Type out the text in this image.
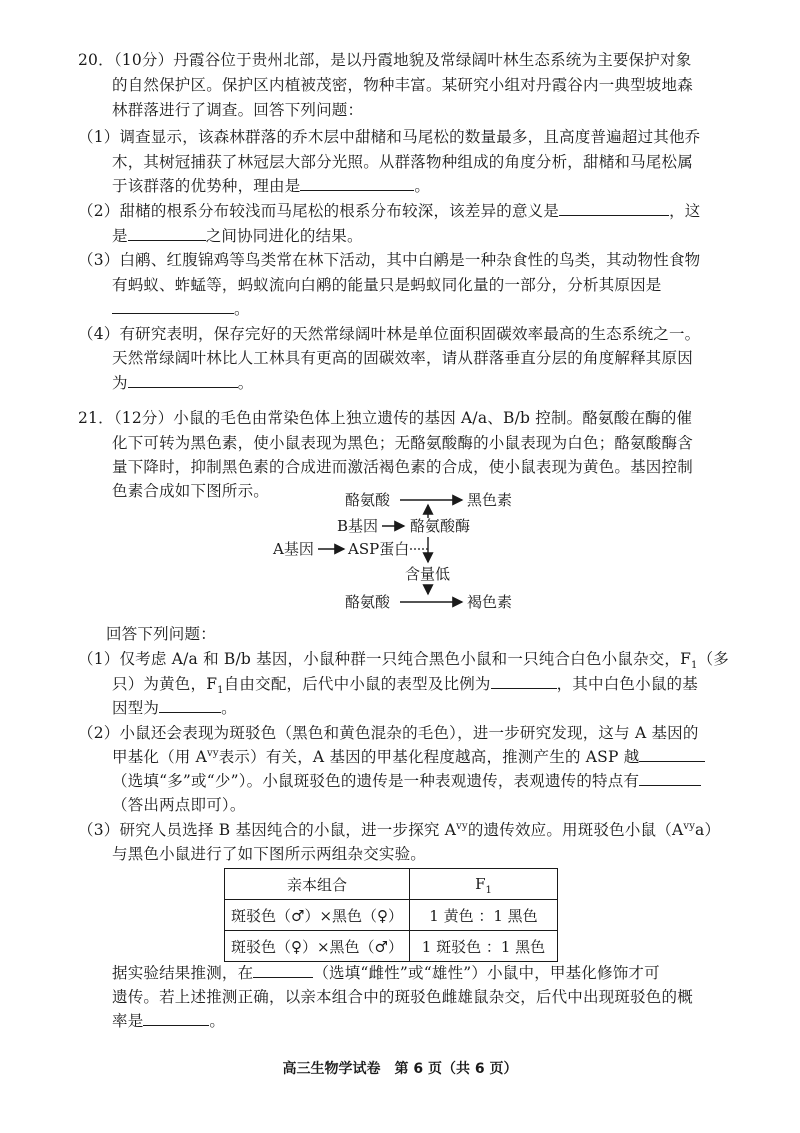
20．（10分）丹霞谷位于贵州北部，是以丹霞地貌及常绿阔叶林生态系统为主要保护对象
的自然保护区。保护区内植被茂密，物种丰富。某研究小组对丹霞谷内一典型坡地森
林群落进行了调查。回答下列问题：
（1）调查显示，该森林群落的乔木层中甜槠和马尾松的数量最多，且高度普遍超过其他乔
木，其树冠捕获了林冠层大部分光照。从群落物种组成的角度分析，甜槠和马尾松属
于该群落的优势种，理由是	。
（2）甜槠的根系分布较浅而马尾松的根系分布较深，该差异的意义是	，这
是	之间协同进化的结果。
（3）白鹇、红腹锦鸡等鸟类常在林下活动，其中白鹇是一种杂食性的鸟类，其动物性食物
有蚂蚁、蚱蜢等，蚂蚁流向白鹇的能量只是蚂蚁同化量的一部分，分析其原因是
。
（4）有研究表明，保存完好的天然常绿阔叶林是单位面积固碳效率最高的生态系统之一。
天然常绿阔叶林比人工林具有更高的固碳效率，请从群落垂直分层的角度解释其原因
为	。
21．（12分）小鼠的毛色由常染色体上独立遗传的基因 A/a、B/b 控制。酪氨酸在酶的催
化下可转为黑色素，使小鼠表现为黑色；无酪氨酸酶的小鼠表现为白色；酪氨酸酶含
量下降时，抑制黑色素的合成进而激活褐色素的合成，使小鼠表现为黄色。基因控制
色素合成如下图所示。	酪氨酸	黑色素
B基因 酪氨酸酶
A基因 ASP蛋白
含量低
酪氨酸	褐色素
回答下列问题：
（1）仅考虑 A/a 和 B/b 基因，小鼠种群一只纯合黑色小鼠和一只纯合白色小鼠杂交，$F_1$（多
只）为黄色，$F_1$自由交配，后代中小鼠的表型及比例为	，其中白色小鼠的基
因型为	。
（2）小鼠还会表现为斑驳色（黑色和黄色混杂的毛色），进一步研究发现，这与 A 基因的
甲基化（用 $A^{vy}$表示）有关，A 基因的甲基化程度越高，推测产生的 ASP 越
（选填“多”或“少”）。小鼠斑驳色的遗传是一种表观遗传，表观遗传的特点有
（答出两点即可）。
（3）研究人员选择 B 基因纯合的小鼠，进一步探究 $A^{vy}$的遗传效应。用斑驳色小鼠$(A^{vy}a)$
与黑色小鼠进行了如下图所示两组杂交实验。
亲本组合	$F_1$
斑驳色（♂）×黑色（♀）	1 黄色 ：1 黑色
斑驳色（♀）×黑色（♂）	1 斑驳色 ：1 黑色
据实验结果推测，在	（选填“雌性”或“雄性”）小鼠中，甲基化修饰才可
遗传。若上述推测正确，以亲本组合中的斑驳色雌雄鼠杂交，后代中出现斑驳色的概
率是	。
高三生物学试卷　第 6 页（共 6 页）
